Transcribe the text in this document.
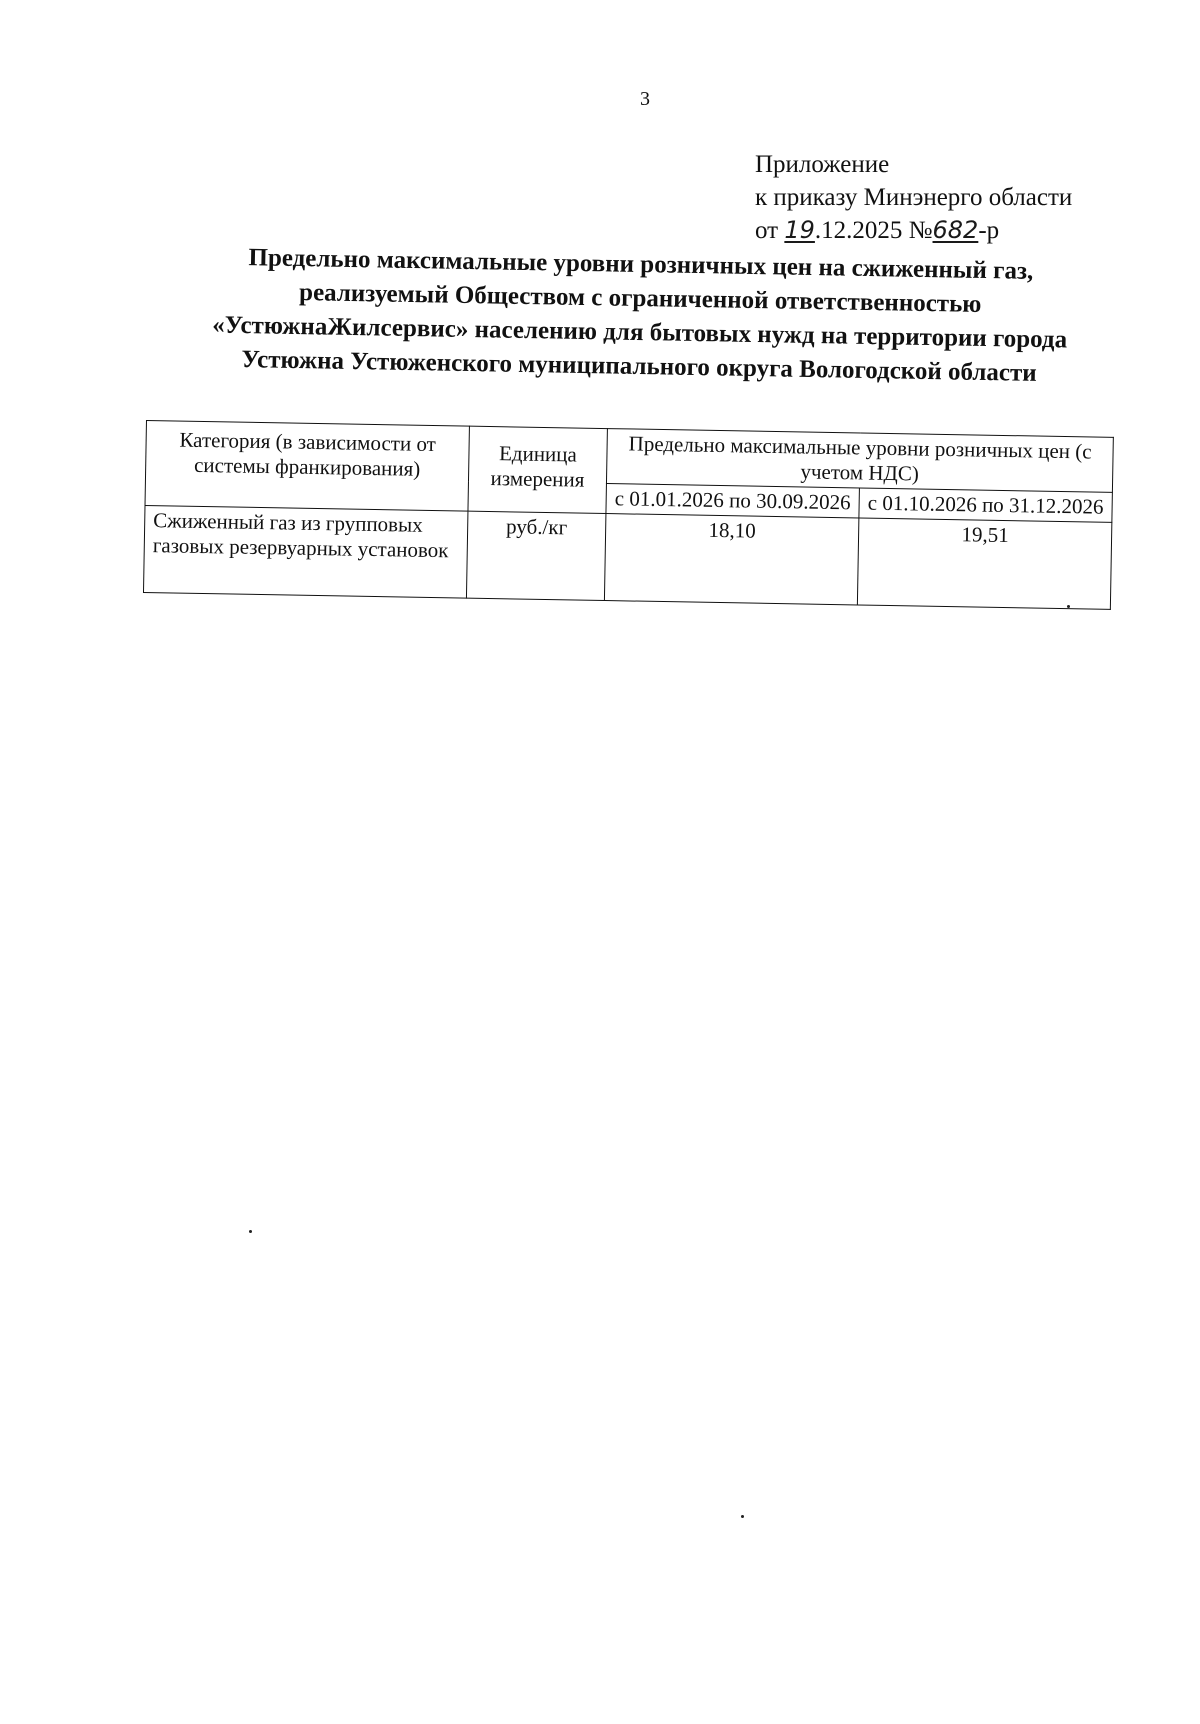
3
Приложение
к приказу Минэнерго области
от 19.12.2025 №682-р
Предельно максимальные уровни розничных цен на сжиженный газ,
реализуемый Обществом с ограниченной ответственностью
«УстюжнаЖилсервис» населению для бытовых нужд на территории города
Устюжна Устюженского муниципального округа Вологодской области
Категория (в зависимости от системы франкирования)	Единица измерения	Предельно максимальные уровни розничных цен (с учетом НДС)	
		с 01.01.2026 по 30.09.2026	с 01.10.2026 по 31.12.2026
Сжиженный газ из групповых газовых резервуарных установок	руб./кг	18,10	19,51
